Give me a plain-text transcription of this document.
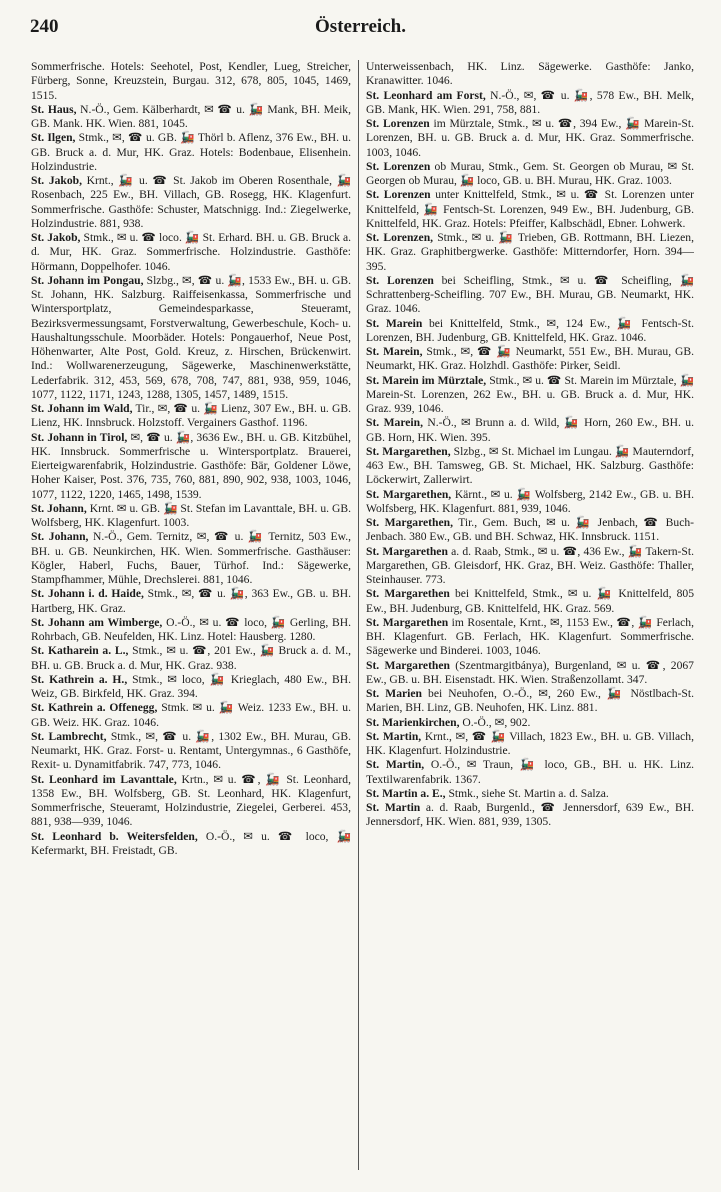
240	Österreich.
Sommerfrische. Hotels: Seehotel, Post, Kendler, Lueg, Streicher, Fürberg, Sonne, Kreuzstein, Burgau. 312, 678, 805, 1045, 1469, 1515.
St. Haus, N.-Ö., Gem. Kälberhardt, ✉ ☎ u. 🚂 Mank, BH. Meik, GB. Mank. HK. Wien. 881, 1045.
St. Ilgen, Stmk., ✉, ☎ u. GB. 🚂 Thörl b. Aflenz, 376 Ew., BH. u. GB. Bruck a. d. Mur, HK. Graz. Hotels: Bodenbaue, Elisenhein. Holzindustrie.
St. Jakob, Krnt., 🚂 u. ☎ St. Jakob im Oberen Rosenthale, 🚂 Rosenbach, 225 Ew., BH. Villach, GB. Rosegg, HK. Klagenfurt. Sommerfrische. Gasthöfe: Schuster, Matschnigg. Ind.: Ziegelwerke, Holzindustrie. 881, 938.
St. Jakob, Stmk., ✉ u. ☎ loco. 🚂 St. Erhard. BH. u. GB. Bruck a. d. Mur, HK. Graz. Sommerfrische. Holzindustrie. Gasthöfe: Hörmann, Doppelhofer. 1046.
St. Johann im Pongau, Slzbg., ✉, ☎ u. 🚂, 1533 Ew., BH. u. GB. St. Johann, HK. Salzburg. Raiffeisenkassa, Sommerfrische und Wintersportplatz, Gemeindesparkasse, Steueramt, Bezirksvermessungsamt, Forstverwaltung, Gewerbeschule, Koch- u. Haushaltungsschule. Moorbäder. Hotels: Pongauerhof, Neue Post, Höhenwarter, Alte Post, Gold. Kreuz, z. Hirschen, Brückenwirt. Ind.: Wollwarenerzeugung, Sägewerke, Maschinenwerkstätte, Lederfabrik. 312, 453, 569, 678, 708, 747, 881, 938, 959, 1046, 1077, 1122, 1171, 1243, 1288, 1305, 1457, 1489, 1515.
St. Johann im Wald, Tir., ✉, ☎ u. 🚂 Lienz, 307 Ew., BH. u. GB. Lienz, HK. Innsbruck. Holzstoff. Vergainers Gasthof. 1196.
St. Johann in Tirol, ✉, ☎ u. 🚂, 3636 Ew., BH. u. GB. Kitzbühel, HK. Innsbruck. Sommerfrische u. Wintersportplatz. Brauerei, Eierteigwarenfabrik, Holzindustrie. Gasthöfe: Bär, Goldener Löwe, Hoher Kaiser, Post. 376, 735, 760, 881, 890, 902, 938, 1003, 1046, 1077, 1122, 1220, 1465, 1498, 1539.
St. Johann, Krnt. ✉ u. GB. 🚂 St. Stefan im Lavanttale, BH. u. GB. Wolfsberg, HK. Klagenfurt. 1003.
St. Johann, N.-Ö., Gem. Ternitz, ✉, ☎ u. 🚂 Ternitz, 503 Ew., BH. u. GB. Neunkirchen, HK. Wien. Sommerfrische. Gasthäuser: Kögler, Haberl, Fuchs, Bauer, Türhof. Ind.: Sägewerke, Stampfhammer, Mühle, Drechslerei. 881, 1046.
St. Johann i. d. Haide, Stmk., ✉, ☎ u. 🚂, 363 Ew., GB. u. BH. Hartberg, HK. Graz.
St. Johann am Wimberge, O.-Ö., ✉ u. ☎ loco, 🚂 Gerling, BH. Rohrbach, GB. Neufelden, HK. Linz. Hotel: Hausberg. 1280.
St. Katharein a. L., Stmk., ✉ u. ☎, 201 Ew., 🚂 Bruck a. d. M., BH. u. GB. Bruck a. d. Mur, HK. Graz. 938.
St. Kathrein a. H., Stmk., ✉ loco, 🚂 Krieglach, 480 Ew., BH. Weiz, GB. Birkfeld, HK. Graz. 394.
St. Kathrein a. Offenegg, Stmk. ✉ u. 🚂 Weiz. 1233 Ew., BH. u. GB. Weiz. HK. Graz. 1046.
St. Lambrecht, Stmk., ✉, ☎ u. 🚂, 1302 Ew., BH. Murau, GB. Neumarkt, HK. Graz. Forst- u. Rentamt, Untergymnas., 6 Gasthöfe, Rexit- u. Dynamitfabrik. 747, 773, 1046.
St. Leonhard im Lavanttale, Krtn., ✉ u. ☎, 🚂 St. Leonhard, 1358 Ew., BH. Wolfsberg, GB. St. Leonhard, HK. Klagenfurt, Sommerfrische, Steueramt, Holzindustrie, Ziegelei, Gerberei. 453, 881, 938—939, 1046.
St. Leonhard b. Weitersfelden, O.-Ö., ✉ u. ☎ loco, 🚂 Kefermarkt, BH. Freistadt, GB.
Unterweissenbach, HK. Linz. Sägewerke. Gasthöfe: Janko, Kranawitter. 1046.
St. Leonhard am Forst, N.-Ö., ✉, ☎ u. 🚂, 578 Ew., BH. Melk, GB. Mank, HK. Wien. 291, 758, 881.
St. Lorenzen im Mürztale, Stmk., ✉ u. ☎, 394 Ew., 🚂 Marein-St. Lorenzen, BH. u. GB. Bruck a. d. Mur, HK. Graz. Sommerfrische. 1003, 1046.
St. Lorenzen ob Murau, Stmk., Gem. St. Georgen ob Murau, ✉ St. Georgen ob Murau, 🚂 loco, GB. u. BH. Murau, HK. Graz. 1003.
St. Lorenzen unter Knittelfeld, Stmk., ✉ u. ☎ St. Lorenzen unter Knittelfeld, 🚂 Fentsch-St. Lorenzen, 949 Ew., BH. Judenburg, GB. Knittelfeld, HK. Graz. Hotels: Pfeiffer, Kalbschädl, Ebner. Lohwerk.
St. Lorenzen, Stmk., ✉ u. 🚂 Trieben, GB. Rottmann, BH. Liezen, HK. Graz. Graphitbergwerke. Gasthöfe: Mitterndorfer, Horn. 394—395.
St. Lorenzen bei Scheifling, Stmk., ✉ u. ☎ Scheifling, 🚂 Schrattenberg-Scheifling. 707 Ew., BH. Murau, GB. Neumarkt, HK. Graz. 1046.
St. Marein bei Knittelfeld, Stmk., ✉, 124 Ew., 🚂 Fentsch-St. Lorenzen, BH. Judenburg, GB. Knittelfeld, HK. Graz. 1046.
St. Marein, Stmk., ✉, ☎ 🚂 Neumarkt, 551 Ew., BH. Murau, GB. Neumarkt, HK. Graz. Holzhdl. Gasthöfe: Pirker, Seidl.
St. Marein im Mürztale, Stmk., ✉ u. ☎ St. Marein im Mürztale, 🚂 Marein-St. Lorenzen, 262 Ew., BH. u. GB. Bruck a. d. Mur, HK. Graz. 939, 1046.
St. Marein, N.-Ö., ✉ Brunn a. d. Wild, 🚂 Horn, 260 Ew., BH. u. GB. Horn, HK. Wien. 395.
St. Margarethen, Slzbg., ✉ St. Michael im Lungau. 🚂 Mauterndorf, 463 Ew., BH. Tamsweg, GB. St. Michael, HK. Salzburg. Gasthöfe: Löckerwirt, Zallerwirt.
St. Margarethen, Kärnt., ✉ u. 🚂 Wolfsberg, 2142 Ew., GB. u. BH. Wolfsberg, HK. Klagenfurt. 881, 939, 1046.
St. Margarethen, Tir., Gem. Buch, ✉ u. 🚂 Jenbach, ☎ Buch-Jenbach. 380 Ew., GB. und BH. Schwaz, HK. Innsbruck. 1151.
St. Margarethen a. d. Raab, Stmk., ✉ u. ☎, 436 Ew., 🚂 Takern-St. Margarethen, GB. Gleisdorf, HK. Graz, BH. Weiz. Gasthöfe: Thaller, Steinhauser. 773.
St. Margarethen bei Knittelfeld, Stmk., ✉ u. 🚂 Knittelfeld, 805 Ew., BH. Judenburg, GB. Knittelfeld, HK. Graz. 569.
St. Margarethen im Rosentale, Krnt., ✉, 1153 Ew., ☎, 🚂 Ferlach, BH. Klagenfurt. GB. Ferlach, HK. Klagenfurt. Sommerfrische. Sägewerke und Binderei. 1003, 1046.
St. Margarethen (Szentmargitbánya), Burgenland, ✉ u. ☎, 2067 Ew., GB. u. BH. Eisenstadt. HK. Wien. Straßenzollamt. 347.
St. Marien bei Neuhofen, O.-Ö., ✉, 260 Ew., 🚂 Nöstlbach-St. Marien, BH. Linz, GB. Neuhofen, HK. Linz. 881.
St. Marienkirchen, O.-Ö., ✉, 902.
St. Martin, Krnt., ✉, ☎ 🚂 Villach, 1823 Ew., BH. u. GB. Villach, HK. Klagenfurt. Holzindustrie.
St. Martin, O.-Ö., ✉ Traun, 🚂 loco, GB., BH. u. HK. Linz. Textilwarenfabrik. 1367.
St. Martin a. E., Stmk., siehe St. Martin a. d. Salza.
St. Martin a. d. Raab, Burgenld., ☎ Jennersdorf, 639 Ew., BH. Jennersdorf, HK. Wien. 881, 939, 1305.
